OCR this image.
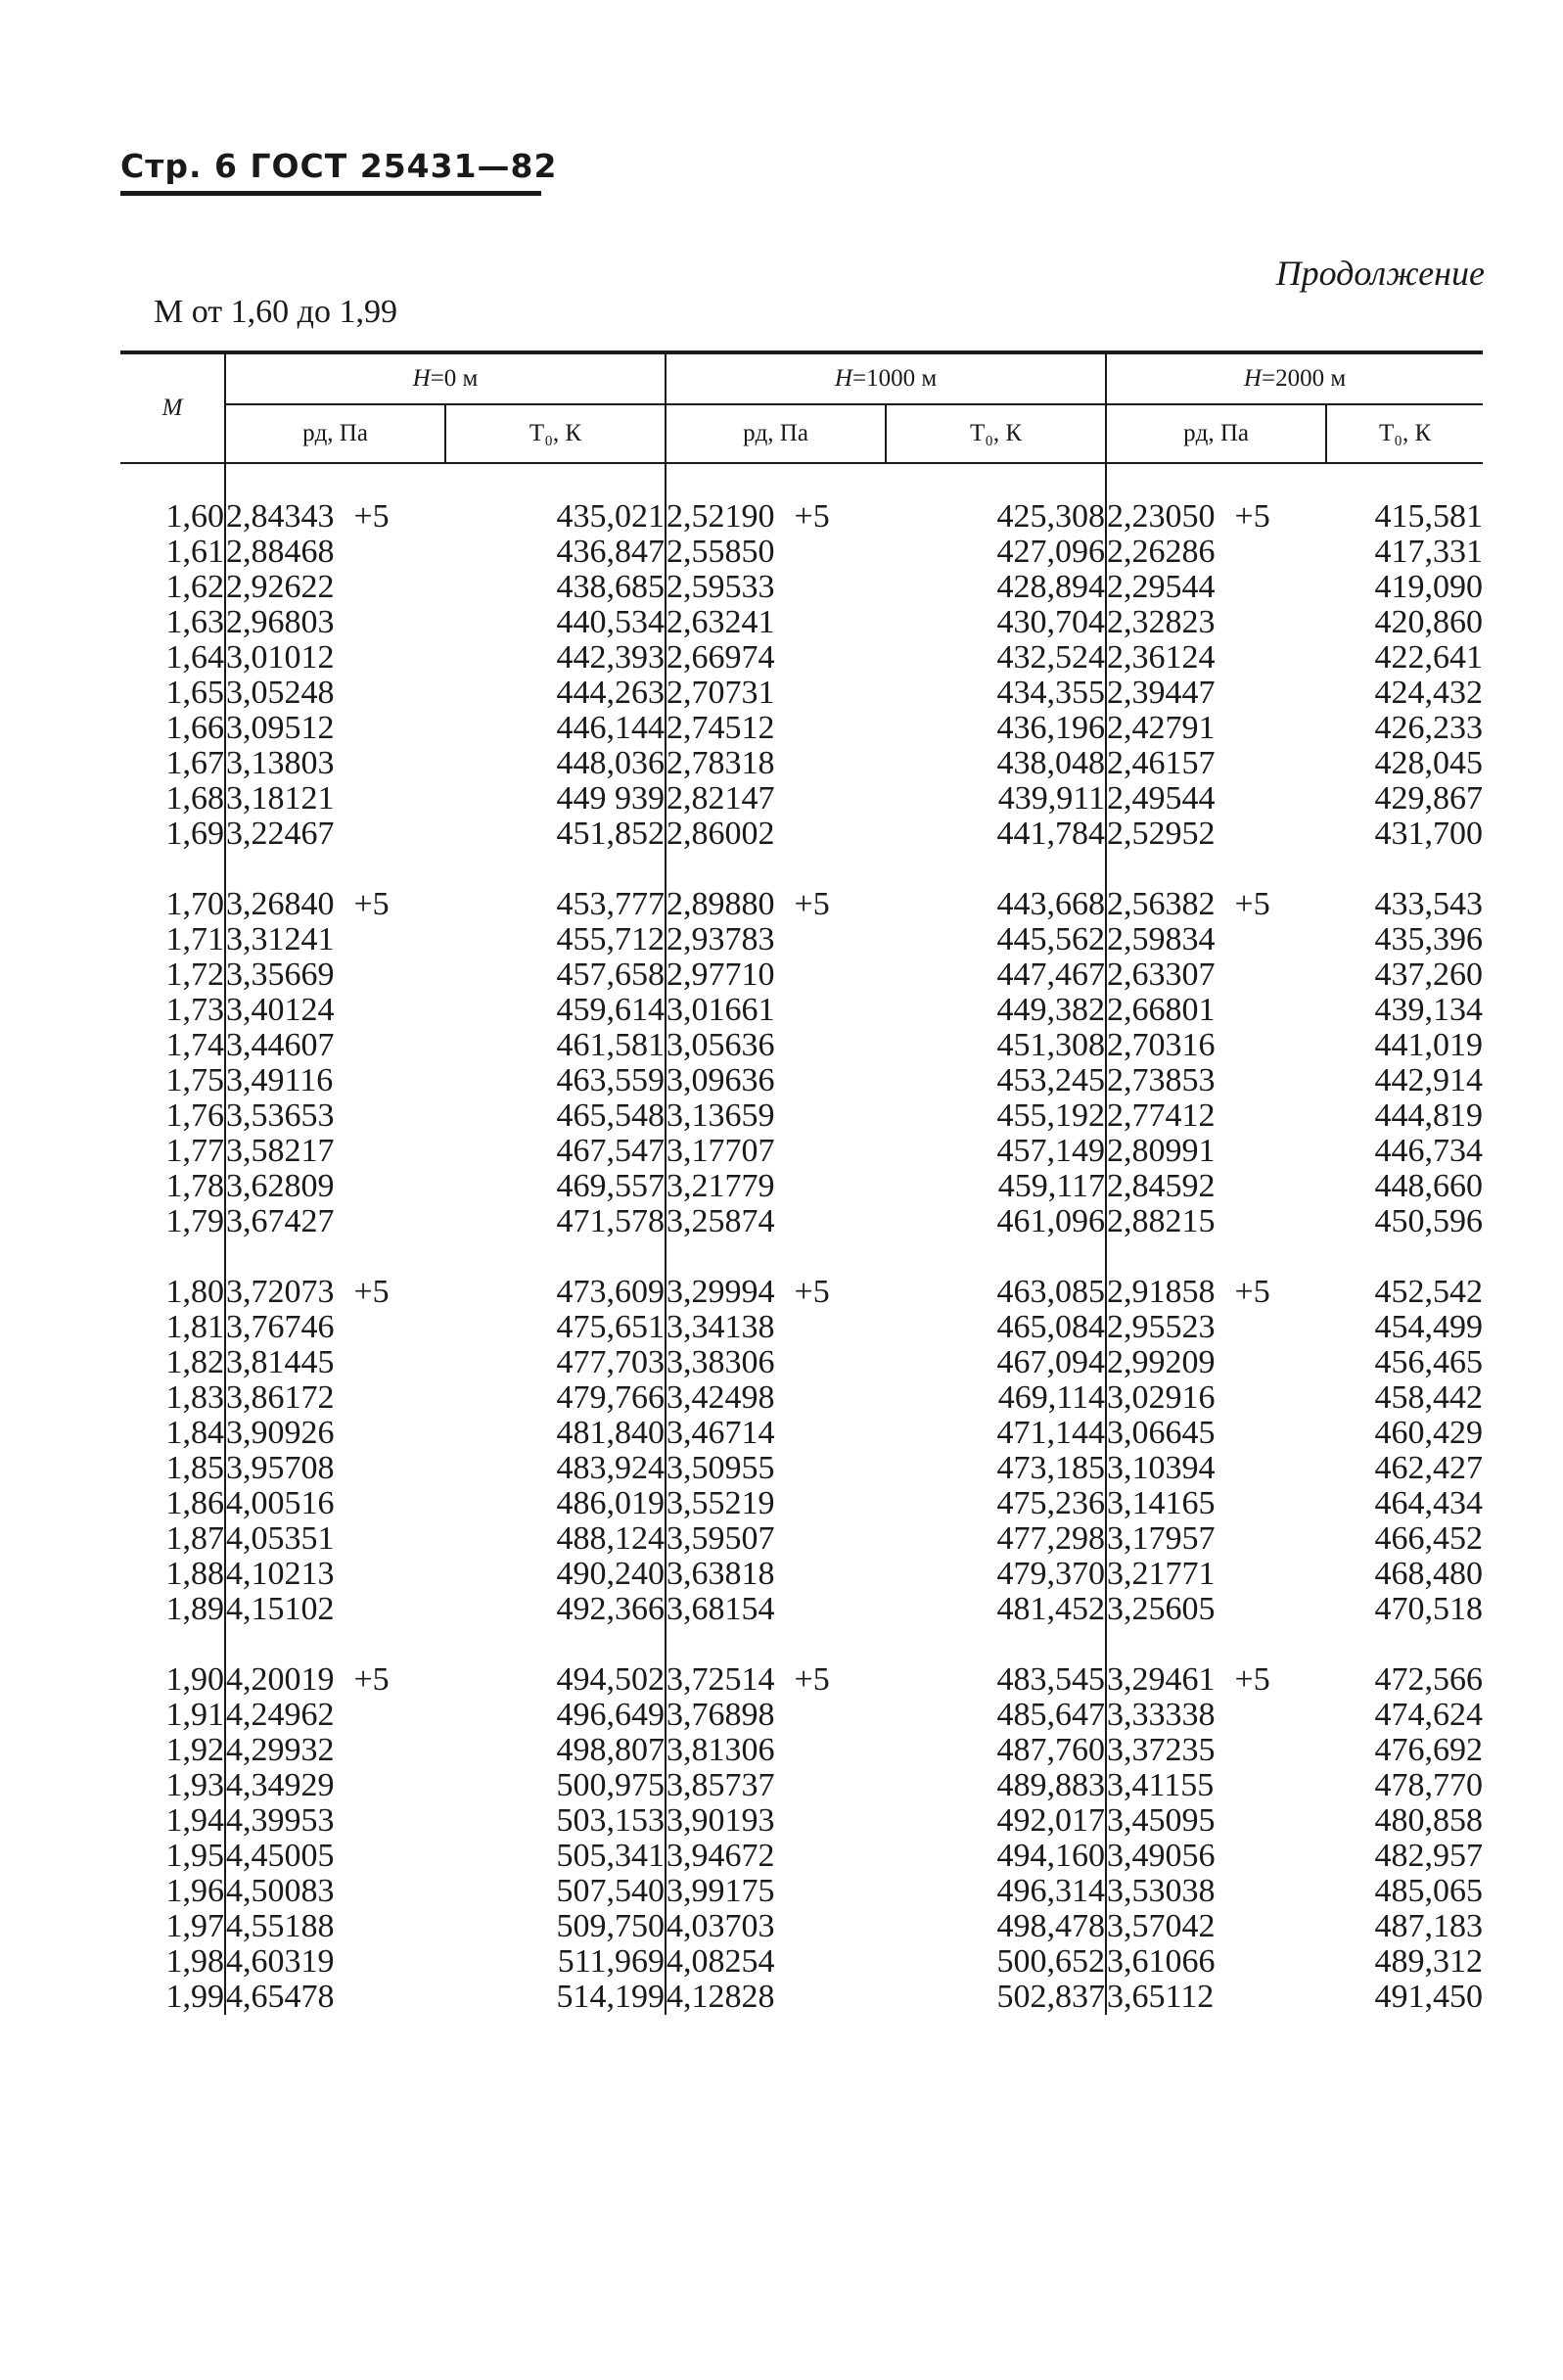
Стр. 6 ГОСТ 25431—82
Продолжение
М от 1,60 до 1,99
М	H=0 м		H=1000 м		H=2000 м	
	pд, Па	T₀, К	pд, Па	T₀, К	pд, Па	T₀, К

1,60	2,84343 +5	435,021	2,52190 +5	425,308	2,23050 +5	415,581
1,61	2,88468	436,847	2,55850	427,096	2,26286	417,331
1,62	2,92622	438,685	2,59533	428,894	2,29544	419,090
1,63	2,96803	440,534	2,63241	430,704	2,32823	420,860
1,64	3,01012	442,393	2,66974	432,524	2,36124	422,641
1,65	3,05248	444,263	2,70731	434,355	2,39447	424,432
1,66	3,09512	446,144	2,74512	436,196	2,42791	426,233
1,67	3,13803	448,036	2,78318	438,048	2,46157	428,045
1,68	3,18121	449 939	2,82147	439,911	2,49544	429,867
1,69	3,22467	451,852	2,86002	441,784	2,52952	431,700

1,70	3,26840 +5	453,777	2,89880 +5	443,668	2,56382 +5	433,543
1,71	3,31241	455,712	2,93783	445,562	2,59834	435,396
1,72	3,35669	457,658	2,97710	447,467	2,63307	437,260
1,73	3,40124	459,614	3,01661	449,382	2,66801	439,134
1,74	3,44607	461,581	3,05636	451,308	2,70316	441,019
1,75	3,49116	463,559	3,09636	453,245	2,73853	442,914
1,76	3,53653	465,548	3,13659	455,192	2,77412	444,819
1,77	3,58217	467,547	3,17707	457,149	2,80991	446,734
1,78	3,62809	469,557	3,21779	459,117	2,84592	448,660
1,79	3,67427	471,578	3,25874	461,096	2,88215	450,596

1,80	3,72073 +5	473,609	3,29994 +5	463,085	2,91858 +5	452,542
1,81	3,76746	475,651	3,34138	465,084	2,95523	454,499
1,82	3,81445	477,703	3,38306	467,094	2,99209	456,465
1,83	3,86172	479,766	3,42498	469,114	3,02916	458,442
1,84	3,90926	481,840	3,46714	471,144	3,06645	460,429
1,85	3,95708	483,924	3,50955	473,185	3,10394	462,427
1,86	4,00516	486,019	3,55219	475,236	3,14165	464,434
1,87	4,05351	488,124	3,59507	477,298	3,17957	466,452
1,88	4,10213	490,240	3,63818	479,370	3,21771	468,480
1,89	4,15102	492,366	3,68154	481,452	3,25605	470,518

1,90	4,20019 +5	494,502	3,72514 +5	483,545	3,29461 +5	472,566
1,91	4,24962	496,649	3,76898	485,647	3,33338	474,624
1,92	4,29932	498,807	3,81306	487,760	3,37235	476,692
1,93	4,34929	500,975	3,85737	489,883	3,41155	478,770
1,94	4,39953	503,153	3,90193	492,017	3,45095	480,858
1,95	4,45005	505,341	3,94672	494,160	3,49056	482,957
1,96	4,50083	507,540	3,99175	496,314	3,53038	485,065
1,97	4,55188	509,750	4,03703	498,478	3,57042	487,183
1,98	4,60319	511,969	4,08254	500,652	3,61066	489,312
1,99	4,65478	514,199	4,12828	502,837	3,65112	491,450
